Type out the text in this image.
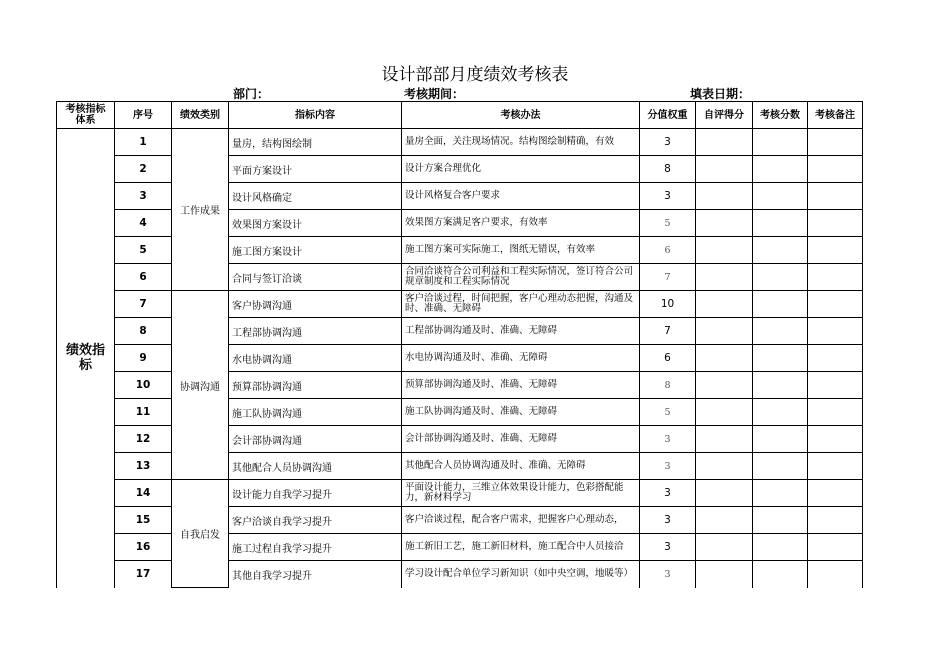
设计部部月度绩效考核表
部门：	考核期间：	填表日期：
考核指标体系	序号	绩效类别	指标内容	考核办法	分值权重	自评得分	考核分数	考核备注
绩效指标	1	工作成果	量房，结构图绘制	量房全面，关注现场情况。结构图绘制精确，有效	3			
	2		平面方案设计	设计方案合理优化	8			
	3		设计风格确定	设计风格复合客户要求	3			
	4		效果图方案设计	效果图方案满足客户要求，有效率	5			
	5		施工图方案设计	施工图方案可实际施工，图纸无错误，有效率	6			
	6		合同与签订洽谈	合同洽谈符合公司利益和工程实际情况，签订符合公司规章制度和工程实际情况	7			
	7	协调沟通	客户协调沟通	客户洽谈过程，时间把握，客户心理动态把握，沟通及时、准确、无障碍	10			
	8		工程部协调沟通	工程部协调沟通及时、准确、无障碍	7			
	9		水电协调沟通	水电协调沟通及时、准确、无障碍	6			
	10		预算部协调沟通	预算部协调沟通及时、准确、无障碍	8			
	11		施工队协调沟通	施工队协调沟通及时、准确、无障碍	5			
	12		会计部协调沟通	会计部协调沟通及时、准确、无障碍	3			
	13		其他配合人员协调沟通	其他配合人员协调沟通及时、准确、无障碍	3			
	14	自我启发	设计能力自我学习提升	平面设计能力，三维立体效果设计能力，色彩搭配能力，新材料学习	3			
	15		客户洽谈自我学习提升	客户洽谈过程，配合客户需求，把握客户心理动态，	3			
	16		施工过程自我学习提升	施工新旧工艺，施工新旧材料，施工配合中人员接洽	3			
	17		其他自我学习提升	学习设计配合单位学习新知识（如中央空调，地暖等）	3			
